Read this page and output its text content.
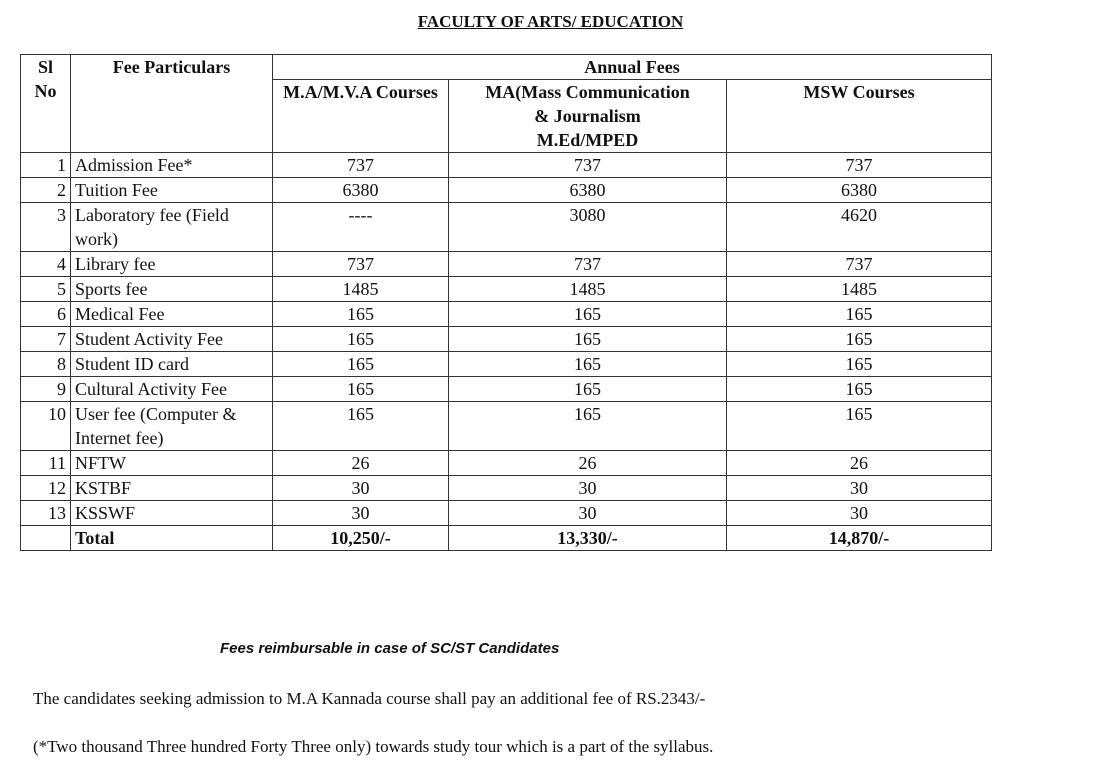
FACULTY OF ARTS/ EDUCATION
Sl No	Fee Particulars	Annual Fees		
		M.A/M.V.A Courses	MA(Mass Communication
& Journalism
M.Ed/MPED	MSW Courses
1	Admission Fee*	737	737	737
2	Tuition Fee	6380	6380	6380
3	Laboratory fee (Field work)	----	3080	4620
4	Library fee	737	737	737
5	Sports fee	1485	1485	1485
6	Medical Fee	165	165	165
7	Student Activity Fee	165	165	165
8	Student ID card	165	165	165
9	Cultural Activity Fee	165	165	165
10	User fee (Computer & Internet fee)	165	165	165
11	NFTW	26	26	26
12	KSTBF	30	30	30
13	KSSWF	30	30	30
	Total	10,250/-	13,330/-	14,870/-
Fees reimbursable in case of SC/ST Candidates
The candidates seeking admission to M.A Kannada course shall pay an additional fee of RS.2343/-
(*Two thousand Three hundred Forty Three only) towards study tour which is a part of the syllabus.
